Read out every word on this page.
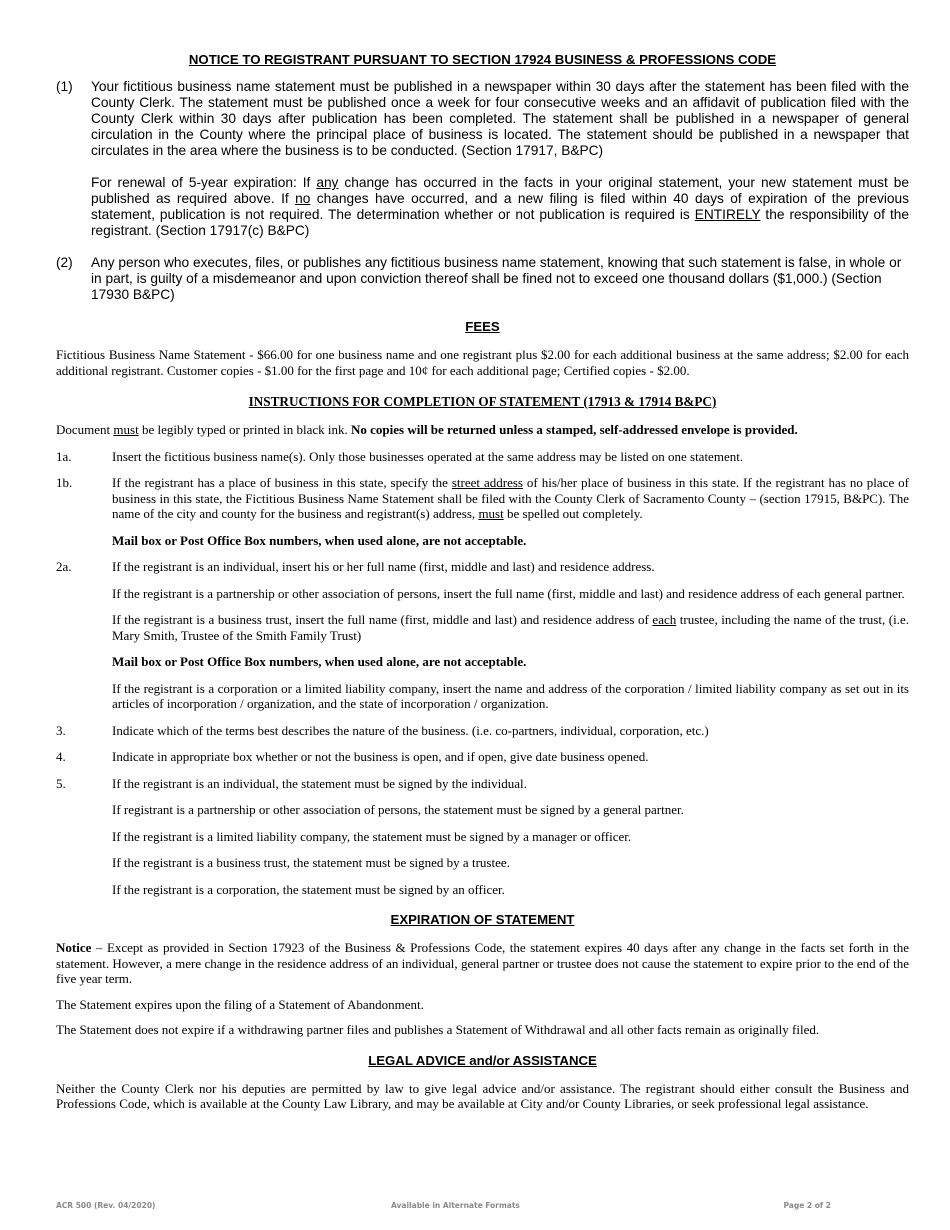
NOTICE TO REGISTRANT PURSUANT TO SECTION 17924 BUSINESS & PROFESSIONS CODE
(1)	Your fictitious business name statement must be published in a newspaper within 30 days after the statement has been filed with the County Clerk. The statement must be published once a week for four consecutive weeks and an affidavit of publication filed with the County Clerk within 30 days after publication has been completed. The statement shall be published in a newspaper of general circulation in the County where the principal place of business is located. The statement should be published in a newspaper that circulates in the area where the business is to be conducted. (Section 17917, B&PC)
For renewal of 5-year expiration: If any change has occurred in the facts in your original statement, your new statement must be published as required above. If no changes have occurred, and a new filing is filed within 40 days of expiration of the previous statement, publication is not required. The determination whether or not publication is required is ENTIRELY the responsibility of the registrant. (Section 17917(c) B&PC)
(2)	Any person who executes, files, or publishes any fictitious business name statement, knowing that such statement is false, in whole or in part, is guilty of a misdemeanor and upon conviction thereof shall be fined not to exceed one thousand dollars ($1,000.) (Section 17930 B&PC)
FEES

Fictitious Business Name Statement - $66.00 for one business name and one registrant plus $2.00 for each additional business at the same address; $2.00 for each additional registrant. Customer copies - $1.00 for the first page and 10¢ for each additional page; Certified copies - $2.00.

INSTRUCTIONS FOR COMPLETION OF STATEMENT (17913 & 17914 B&PC)

Document must be legibly typed or printed in black ink. No copies will be returned unless a stamped, self-addressed envelope is provided.

1a.	Insert the fictitious business name(s). Only those businesses operated at the same address may be listed on one statement.
1b.	If the registrant has a place of business in this state, specify the street address of his/her place of business in this state. If the registrant has no place of business in this state, the Fictitious Business Name Statement shall be filed with the County Clerk of Sacramento County – (section 17915, B&PC). The name of the city and county for the business and registrant(s) address, must be spelled out completely.
Mail box or Post Office Box numbers, when used alone, are not acceptable.
2a.	If the registrant is an individual, insert his or her full name (first, middle and last) and residence address.
If the registrant is a partnership or other association of persons, insert the full name (first, middle and last) and residence address of each general partner.
If the registrant is a business trust, insert the full name (first, middle and last) and residence address of each trustee, including the name of the trust, (i.e. Mary Smith, Trustee of the Smith Family Trust)
Mail box or Post Office Box numbers, when used alone, are not acceptable.
If the registrant is a corporation or a limited liability company, insert the name and address of the corporation / limited liability company as set out in its articles of incorporation / organization, and the state of incorporation / organization.
3.	Indicate which of the terms best describes the nature of the business. (i.e. co-partners, individual, corporation, etc.)
4.	Indicate in appropriate box whether or not the business is open, and if open, give date business opened.
5.	If the registrant is an individual, the statement must be signed by the individual.
If registrant is a partnership or other association of persons, the statement must be signed by a general partner.
If the registrant is a limited liability company, the statement must be signed by a manager or officer.
If the registrant is a business trust, the statement must be signed by a trustee.
If the registrant is a corporation, the statement must be signed by an officer.
EXPIRATION OF STATEMENT

Notice – Except as provided in Section 17923 of the Business & Professions Code, the statement expires 40 days after any change in the facts set forth in the statement. However, a mere change in the residence address of an individual, general partner or trustee does not cause the statement to expire prior to the end of the five year term.

The Statement expires upon the filing of a Statement of Abandonment.

The Statement does not expire if a withdrawing partner files and publishes a Statement of Withdrawal and all other facts remain as originally filed.

LEGAL ADVICE and/or ASSISTANCE

Neither the County Clerk nor his deputies are permitted by law to give legal advice and/or assistance. The registrant should either consult the Business and Professions Code, which is available at the County Law Library, and may be available at City and/or County Libraries, or seek professional legal assistance.

ACR 500 (Rev. 04/2020)	Available in Alternate Formats	Page 2 of 2
